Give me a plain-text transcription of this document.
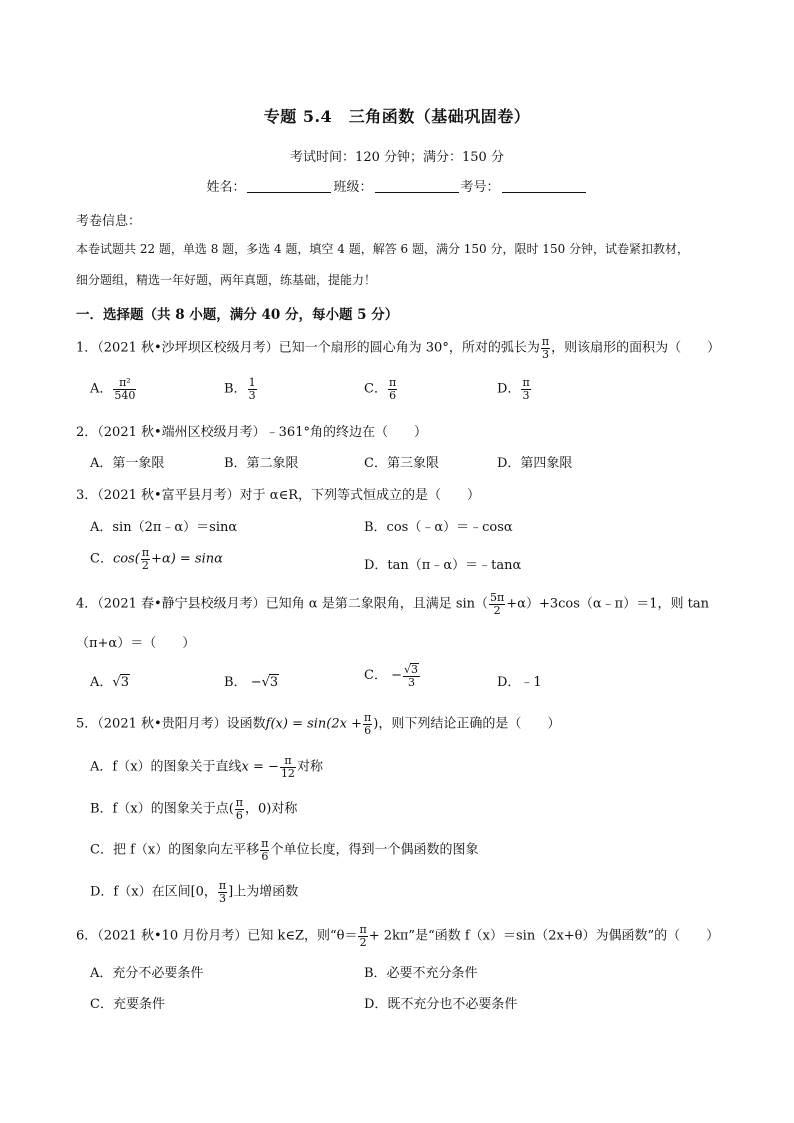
专题 5.4　三角函数（基础巩固卷）
考试时间：120 分钟；满分：150 分
姓名：	班级：	考号：
考卷信息：
本卷试题共 22 题，单选 8 题，多选 4 题，填空 4 题，解答 6 题，满分 150 分，限时 150 分钟，试卷紧扣教材，
细分题组，精选一年好题，两年真题，练基础，提能力！
一．选择题（共 8 小题，满分 40 分，每小题 5 分）
1．（2021 秋•沙坪坝区校级月考）已知一个扇形的圆心角为 30°，所对的弧长为 $\frac{\pi}{3}$ ，则该扇形的面积为（　　）
A． $\frac{\text{π²}}{540}$	B． $\frac{1}{3}$	C． $\frac{\pi}{6}$	D． $\frac{\pi}{3}$
2．（2021 秋•端州区校级月考）﹣361°角的终边在（　　）
A．第一象限	B．第二象限	C．第三象限	D．第四象限
3．（2021 秋•富平县月考）对于 α∈R，下列等式恒成立的是（　　）
A．sin（2π﹣α）＝sinα	B．cos（﹣α）＝﹣cosα
C．$\cos( \frac{\pi}{2} +\alpha) = \sin\alpha$	D．tan（π﹣α）＝﹣tanα
4．（2021 春•静宁县校级月考）已知角 α 是第二象限角，且满足 $\sin( \frac{5\pi}{2}$ +α）+3cos（α﹣π）＝1，则 tan
（π+α）＝（　　）
A．√3	B． −√3	C． − $\frac{√3}{3}$	D．﹣1
5．（2021 秋•贵阳月考）设函数$f(x) = \sin(2x + \frac{\pi}{6}$ )，则下列结论正确的是（　　）
A．f（x）的图象关于直线x = − $\frac{\pi}{12}$ 对称
B．f（x）的图象关于点( $\frac{\pi}{6}$ ，0)对称
C．把 f（x）的图象向左平移 $\frac{\pi}{6}$ 个单位长度，得到一个偶函数的图象
D．f（x）在区间[0， $\frac{\pi}{3}$ ]上为增函数
6．（2021 秋•10 月份月考）已知 k∈Z，则“$\theta= \frac{\pi}{2} + 2k\pi$”是“函数 f（x）＝sin（2x+θ）为偶函数”的（　　）
A．充分不必要条件	B．必要不充分条件
C．充要条件	D．既不充分也不必要条件
